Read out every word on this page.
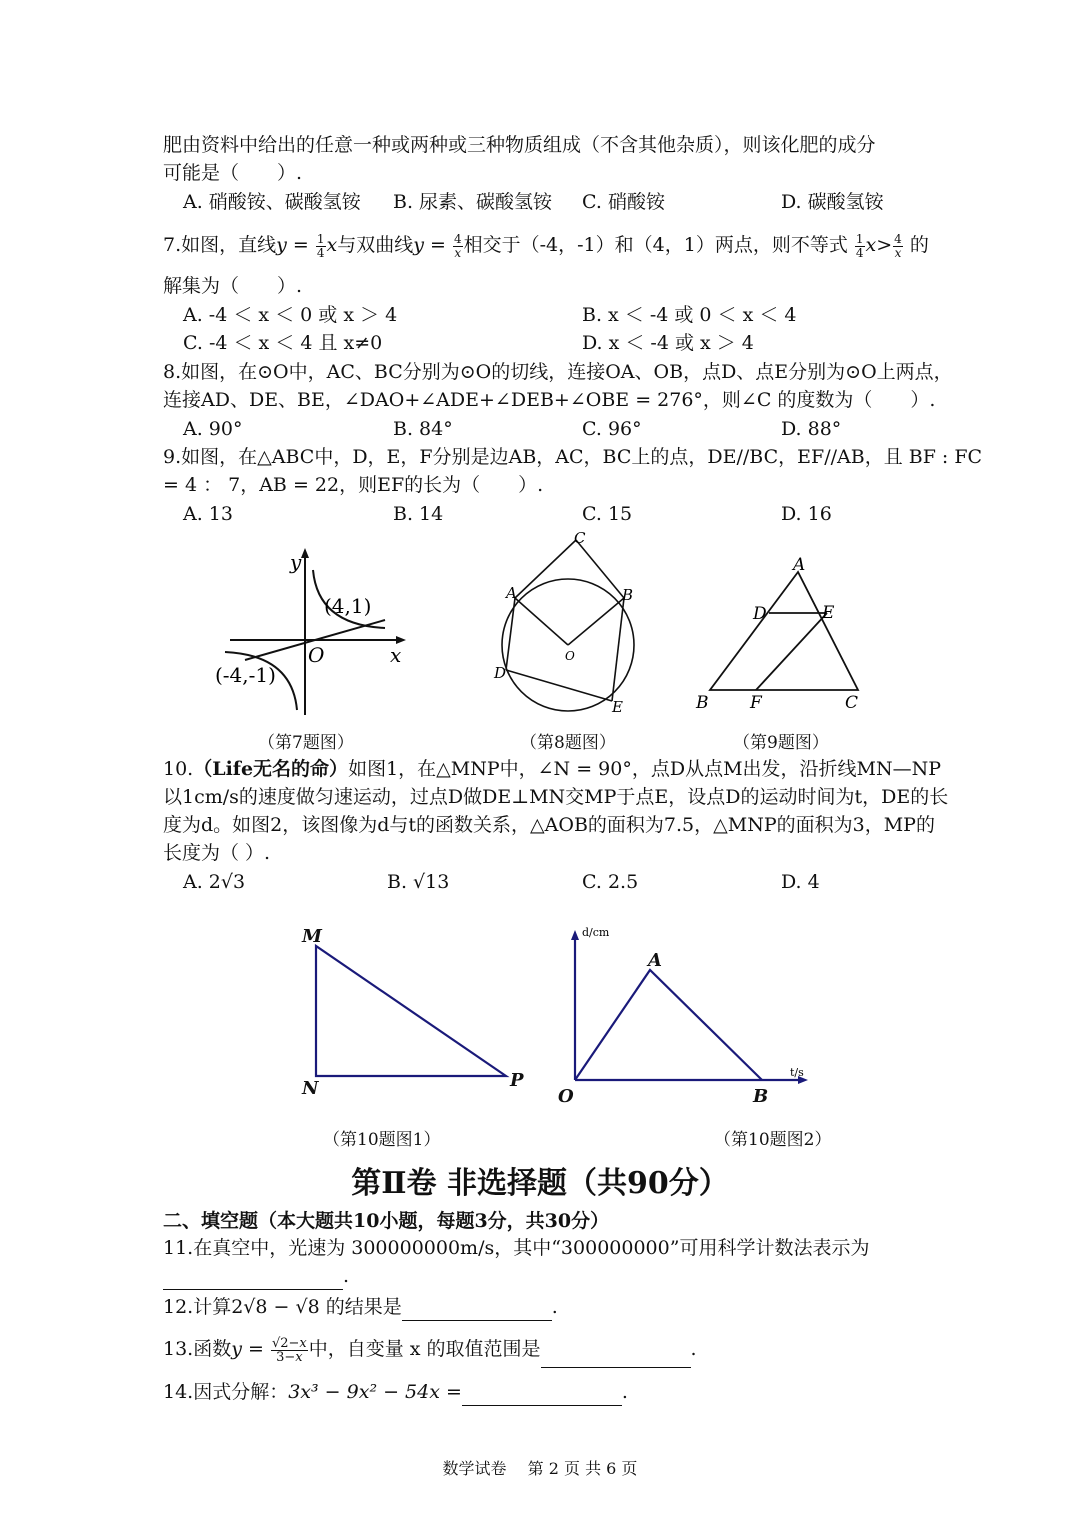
肥由资料中给出的任意一种或两种或三种物质组成（不含其他杂质），则该化肥的成分
可能是（　　）.
A. 硝酸铵、碳酸氢铵 B. 尿素、碳酸氢铵 C. 硝酸铵	D. 碳酸氢铵
7.如图，直线$y = \frac{1}{4}$ x与双曲线$y = \frac{4}{x}$ 相交于（-4，-1）和（4，1）两点，则不等式 $\frac{1}{4} x> \frac{4}{x}$ 的
解集为（　　）.
A. -4 ＜ x ＜ 0 或 x ＞ 4	B. x ＜ -4 或 0 ＜ x ＜ 4
C. -4 ＜ x ＜ 4 且 x≠0	D. x ＜ -4 或 x ＞ 4
8.如图，在⊙O中，AC、BC分别为⊙O的切线，连接OA、OB，点D、点E分别为⊙O上两点，
连接AD、DE、BE，∠DAO+∠ADE+∠DEB+∠OBE = 276°，则∠C 的度数为（　　）.
A. 90°	B. 84°	C. 96°	D. 88°
9.如图，在△ABC中，D，E，F分别是边AB，AC，BC上的点，DE//BC，EF//AB，且 BF : FC
= 4 ： 7，AB = 22，则EF的长为（　　）.
A. 13	B. 14	C. 15	D. 16
y
x
O
(4,1)
(-4,-1)
（第7题图）
C
A	B
O
D
E
（第8题图）
A
D	E
B F	C
（第9题图）
10.（Life无名的命）如图1，在△MNP中，∠N = 90°，点D从点M出发，沿折线MN—NP
以1cm/s的速度做匀速运动，过点D做DE⊥MN交MP于点E，设点D的运动时间为t，DE的长
度为d。如图2，该图像为d与t的函数关系，△AOB的面积为7.5，△MNP的面积为3，MP的
长度为（ ）.
A. 2√3	B. √13	C. 2.5	D. 4
M
N	P
（第10题图1）
d/cm
t/s
A
O	B
（第10题图2）
第Ⅱ卷 非选择题（共90分）
二、填空题（本大题共10小题，每题3分，共30分）
11.在真空中，光速为 300000000m/s，其中“300000000”可用科学计数法表示为
.
12.计算2√8 − √8 的结果是	.
13.函数$y = \frac{√2-x}{3-x}$ 中，自变量 x 的取值范围是	.
14.因式分解：3x³ − 9x² − 54x =	.
数学试卷　 第 2 页 共 6 页
